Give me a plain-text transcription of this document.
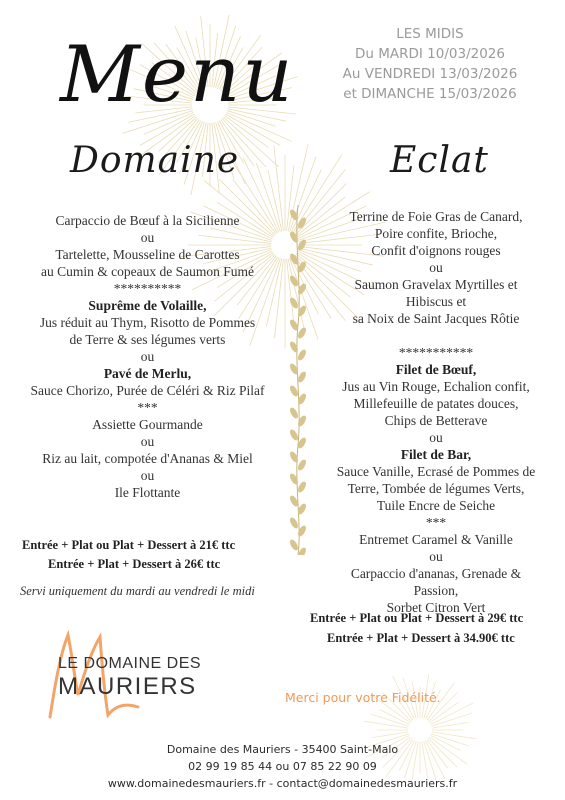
Menu	LES MIDIS
Du MARDI 10/03/2026
Au VENDREDI 13/03/2026
et DIMANCHE 15/03/2026
Domaine	Eclat
Carpaccio de Bœuf à la Sicilienne
ou
Tartelette, Mousseline de Carottes
au Cumin & copeaux de Saumon Fumé
**********
Suprême de Volaille,
Jus réduit au Thym, Risotto de Pommes
de Terre & ses légumes verts
ou
Pavé de Merlu,
Sauce Chorizo, Purée de Céléri & Riz Pilaf
***
Assiette Gourmande
ou
Riz au lait, compotée d'Ananas & Miel
ou
Ile Flottante
Entrée + Plat ou Plat + Dessert à 21€ ttc
Entrée + Plat + Dessert à 26€ ttc
Servi uniquement du mardi au vendredi le midi
Terrine de Foie Gras de Canard,
Poire confite, Brioche,
Confit d'oignons rouges
ou
Saumon Gravelax Myrtilles et
Hibiscus et
sa Noix de Saint Jacques Rôtie

***********
Filet de Bœuf,
Jus au Vin Rouge, Echalion confit,
Millefeuille de patates douces,
Chips de Betterave
ou
Filet de Bar,
Sauce Vanille, Ecrasé de Pommes de
Terre, Tombée de légumes Verts,
Tuile Encre de Seiche
***
Entremet Caramel & Vanille
ou
Carpaccio d'ananas, Grenade &
Passion,
Sorbet Citron Vert
Entrée + Plat ou Plat + Dessert à 29€ ttc
Entrée + Plat + Dessert à 34.90€ ttc
LE DOMAINE DES
MAURIERS	Merci pour votre Fidélité.
Domaine des Mauriers - 35400 Saint-Malo
02 99 19 85 44 ou 07 85 22 90 09
www.domainedesmauriers.fr - contact@domainedesmauriers.fr
